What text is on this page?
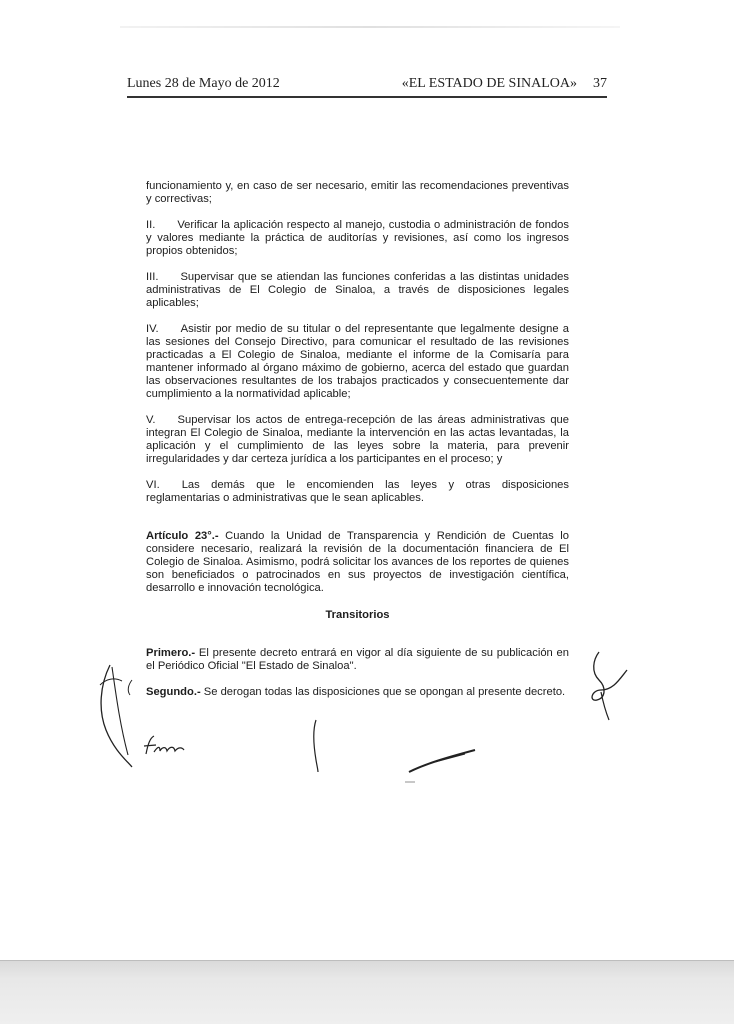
Lunes 28 de Mayo de 2012	«EL ESTADO DE SINALOA» 37

funcionamiento y, en caso de ser necesario, emitir las recomendaciones preventivas y correctivas;

II. Verificar la aplicación respecto al manejo, custodia o administración de fondos y valores mediante la práctica de auditorías y revisiones, así como los ingresos propios obtenidos;

III. Supervisar que se atiendan las funciones conferidas a las distintas unidades administrativas de El Colegio de Sinaloa, a través de disposiciones legales aplicables;

IV. Asistir por medio de su titular o del representante que legalmente designe a las sesiones del Consejo Directivo, para comunicar el resultado de las revisiones practicadas a El Colegio de Sinaloa, mediante el informe de la Comisaría para mantener informado al órgano máximo de gobierno, acerca del estado que guardan las observaciones resultantes de los trabajos practicados y consecuentemente dar cumplimiento a la normatividad aplicable;

V. Supervisar los actos de entrega-recepción de las áreas administrativas que integran El Colegio de Sinaloa, mediante la intervención en las actas levantadas, la aplicación y el cumplimiento de las leyes sobre la materia, para prevenir irregularidades y dar certeza jurídica a los participantes en el proceso; y

VI. Las demás que le encomienden las leyes y otras disposiciones reglamentarias o administrativas que le sean aplicables.

Artículo 23°.- Cuando la Unidad de Transparencia y Rendición de Cuentas lo considere necesario, realizará la revisión de la documentación financiera de El Colegio de Sinaloa. Asimismo, podrá solicitar los avances de los reportes de quienes son beneficiados o patrocinados en sus proyectos de investigación científica, desarrollo e innovación tecnológica.

Transitorios

Primero.- El presente decreto entrará en vigor al día siguiente de su publicación en el Periódico Oficial "El Estado de Sinaloa".

Segundo.- Se derogan todas las disposiciones que se opongan al presente decreto.
